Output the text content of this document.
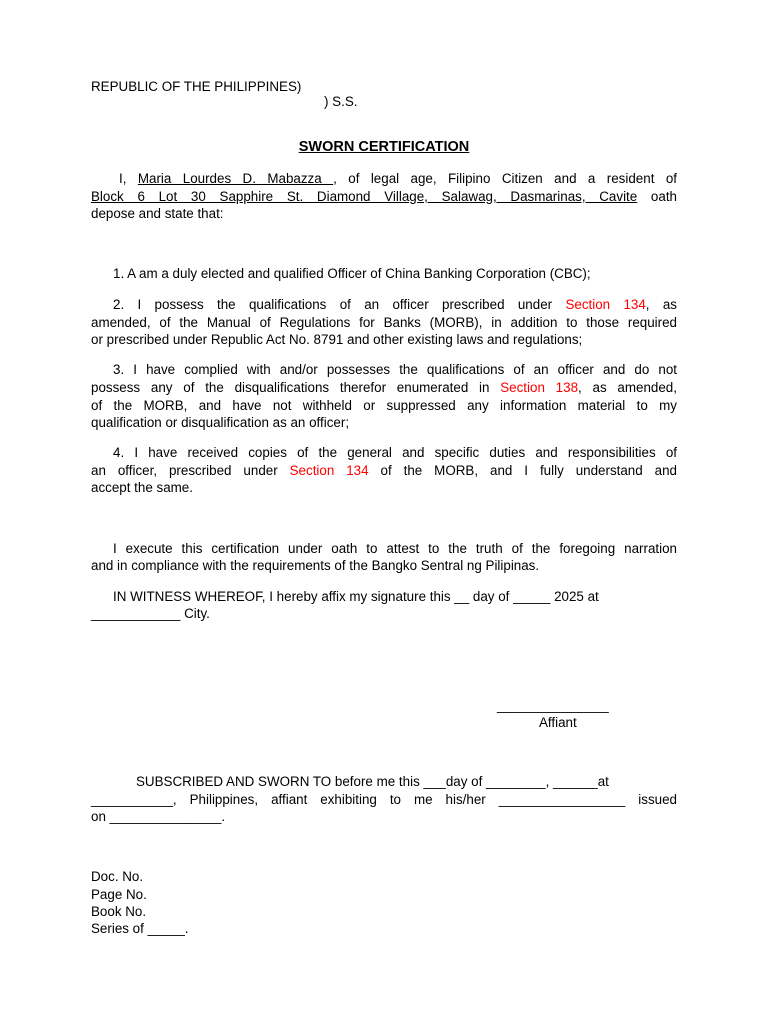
REPUBLIC OF THE PHILIPPINES)
) S.S.
SWORN CERTIFICATION
I, Maria Lourdes D. Mabazza , of legal age, Filipino Citizen and a resident of
Block 6 Lot 30 Sapphire St. Diamond Village, Salawag, Dasmarinas, Cavite oath
depose and state that:
1. A am a duly elected and qualified Officer of China Banking Corporation (CBC);
2. I possess the qualifications of an officer prescribed under Section 134, as
amended, of the Manual of Regulations for Banks (MORB), in addition to those required
or prescribed under Republic Act No. 8791 and other existing laws and regulations;
3. I have complied with and/or possesses the qualifications of an officer and do not
possess any of the disqualifications therefor enumerated in Section 138, as amended,
of the MORB, and have not withheld or suppressed any information material to my
qualification or disqualification as an officer;
4. I have received copies of the general and specific duties and responsibilities of
an officer, prescribed under Section 134 of the MORB, and I fully understand and
accept the same.
I execute this certification under oath to attest to the truth of the foregoing narration
and in compliance with the requirements of the Bangko Sentral ng Pilipinas.
IN WITNESS WHEREOF, I hereby affix my signature this __ day of _____ 2025 at
____________ City.
_______________
Affiant
SUBSCRIBED AND SWORN TO before me this ___day of ________, ______at
___________, Philippines, affiant exhibiting to me his/her _________________ issued
on _______________.
Doc. No.
Page No.
Book No.
Series of _____.
